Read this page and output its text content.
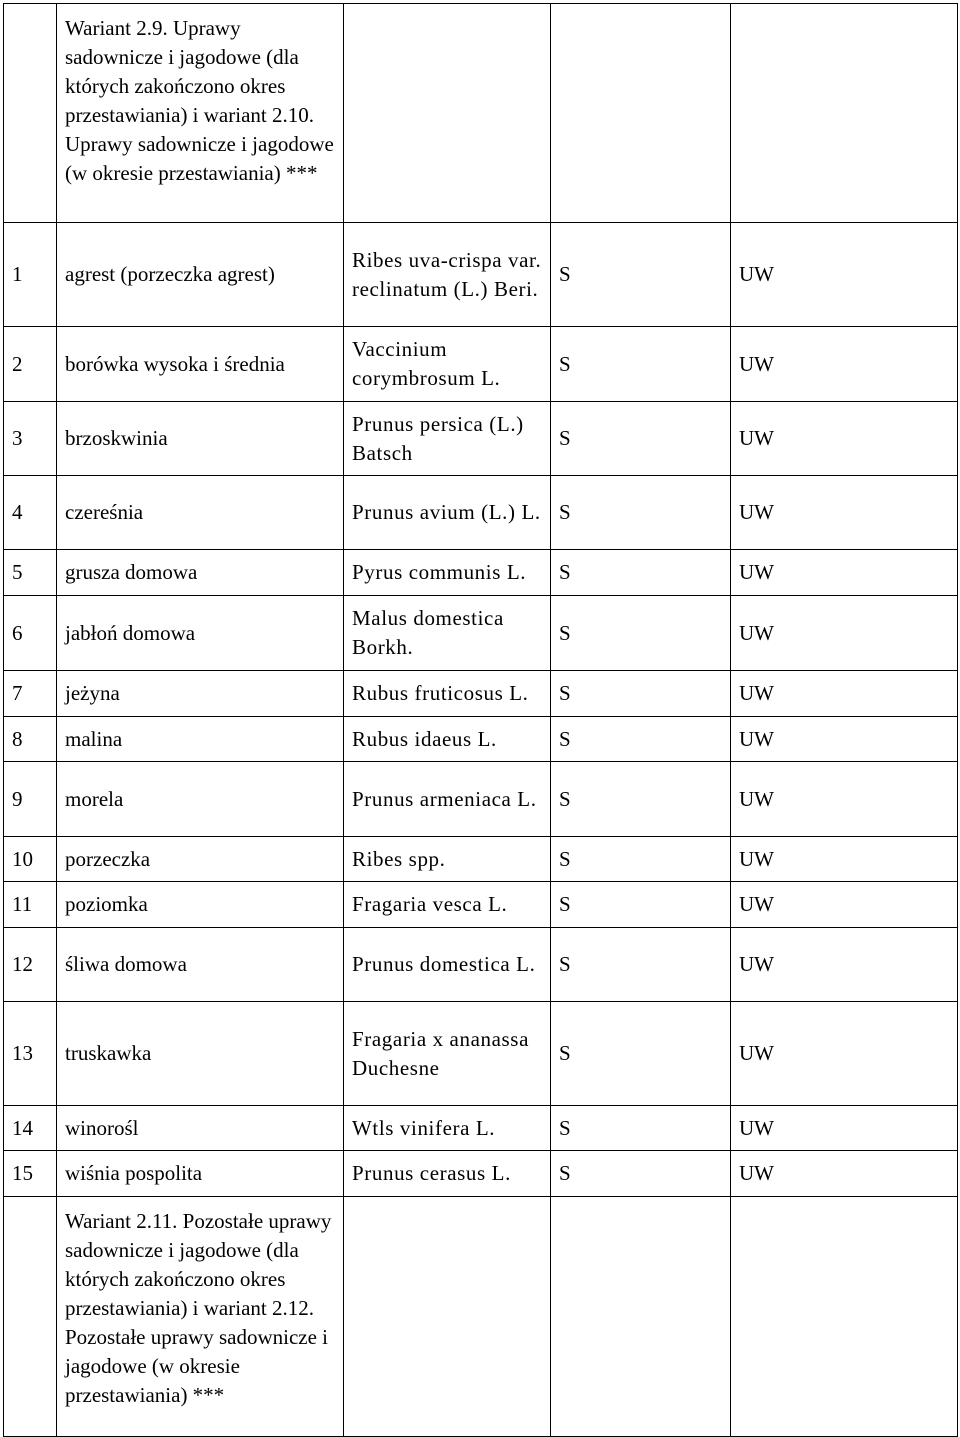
	Wariant 2.9. Uprawy sadownicze i jagodowe (dla których zakończono okres przestawiania) i wariant 2.10. Uprawy sadownicze i jagodowe (w okresie przestawiania) ***			
1	agrest (porzeczka agrest)	Ribes uva-crispa var. reclinatum (L.) Beri.	S	UW
2	borówka wysoka i średnia	Vaccinium corymbrosum L.	S	UW
3	brzoskwinia	Prunus persica (L.) Batsch	S	UW
4	czereśnia	Prunus avium (L.) L.	S	UW
5	grusza domowa	Pyrus communis L.	S	UW
6	jabłoń domowa	Malus domestica Borkh.	S	UW
7	jeżyna	Rubus fruticosus L.	S	UW
8	malina	Rubus idaeus L.	S	UW
9	morela	Prunus armeniaca L.	S	UW
10	porzeczka	Ribes spp.	S	UW
11	poziomka	Fragaria vesca L.	S	UW
12	śliwa domowa	Prunus domestica L.	S	UW
13	truskawka	Fragaria x ananassa Duchesne	S	UW
14	winorośl	Wtls vinifera L.	S	UW
15	wiśnia pospolita	Prunus cerasus L.	S	UW
	Wariant 2.11. Pozostałe uprawy sadownicze i jagodowe (dla których zakończono okres przestawiania) i wariant 2.12. Pozostałe uprawy sadownicze i jagodowe (w okresie przestawiania) ***			
